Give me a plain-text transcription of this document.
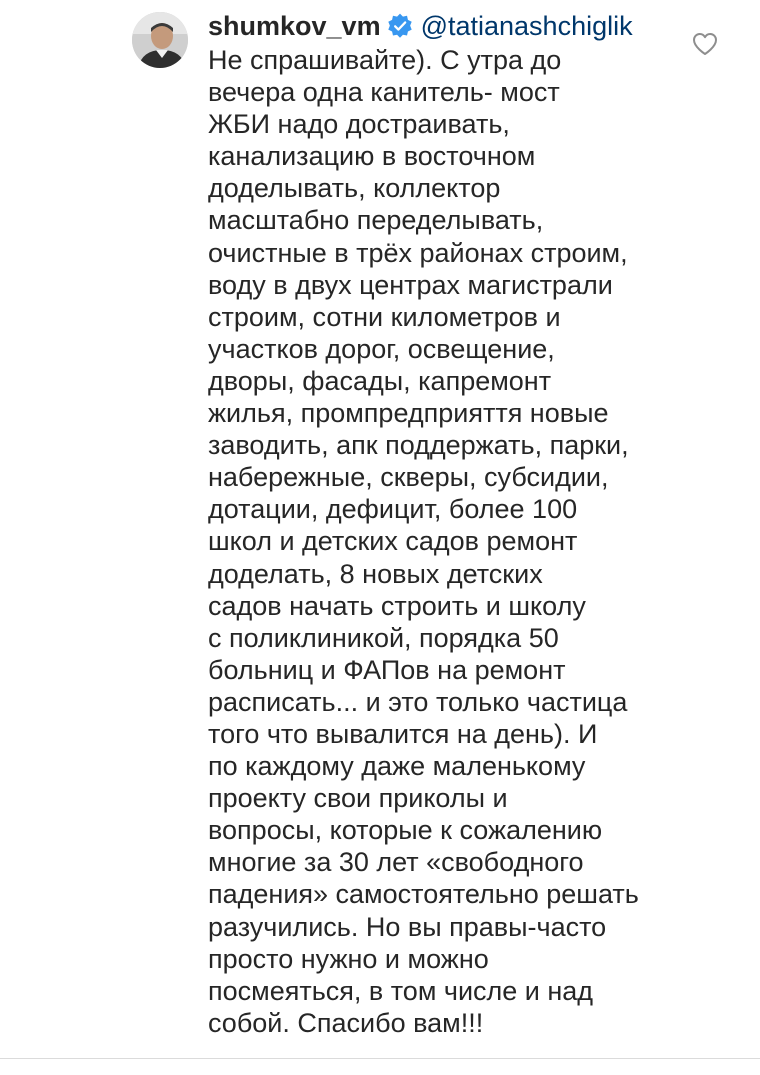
shumkov_vm @tatianashchiglik

Не спрашивайте). С утра до
вечера одна канитель- мост
ЖБИ надо достраивать,
канализацию в восточном
доделывать, коллектор
масштабно переделывать,
очистные в трёх районах строим,
воду в двух центрах магистрали
строим, сотни километров и
участков дорог, освещение,
дворы, фасады, капремонт
жилья, промпредприяття новые
заводить, апк поддержать, парки,
набережные, скверы, субсидии,
дотации, дефицит, более 100
школ и детских садов ремонт
доделать, 8 новых детских
садов начать строить и школу
с поликлиникой, порядка 50
больниц и ФАПов на ремонт
расписать... и это только частица
того что вывалится на день). И
по каждому даже маленькому
проекту свои приколы и
вопросы, которые к сожалению
многие за 30 лет «свободного
падения» самостоятельно решать
разучились. Но вы правы-часто
просто нужно и можно
посмеяться, в том числе и над
собой. Спасибо вам!!!
